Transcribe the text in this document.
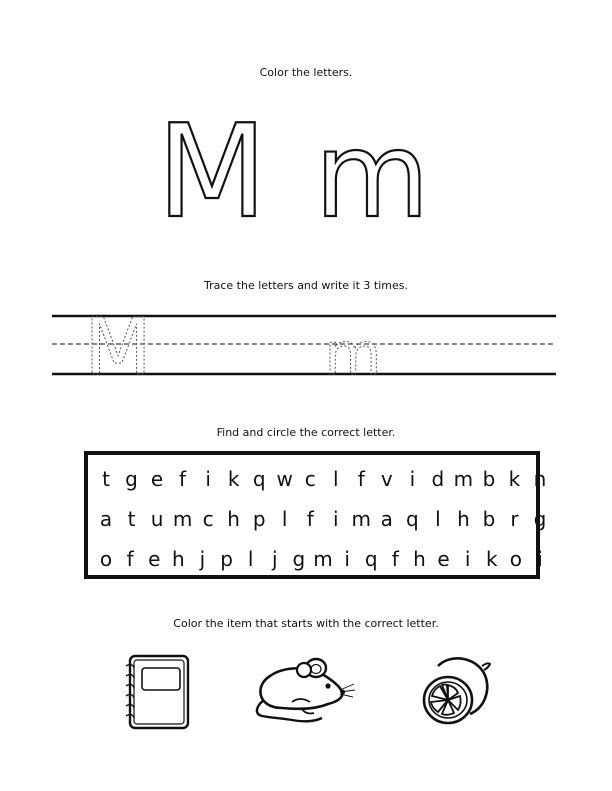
Color the letters.
M m
Trace the letters and write it 3 times.
M	m
Find and circle the correct letter.
t g e f i k q w c l f v i d m b k n
a t u m c h p l f i m a q l h b r g
o f e h j p l j g m i q f h e i k o i
Color the item that starts with the correct letter.
